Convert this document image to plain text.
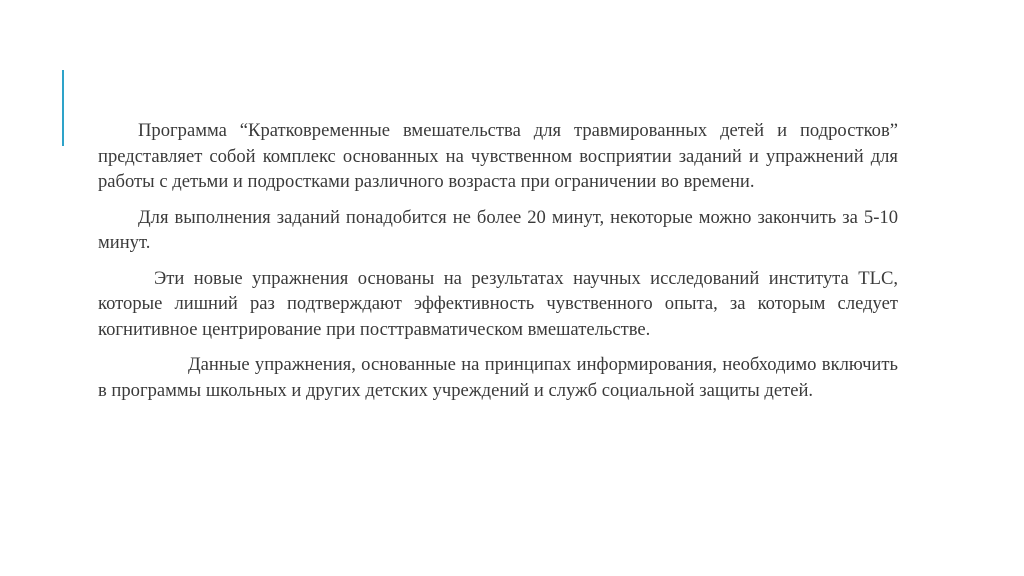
Программа “Кратковременные вмешательства для травмированных детей и подростков” представляет собой комплекс основанных на чувственном восприятии заданий и упражнений для работы с детьми и подростками различного возраста при ограничении во времени.

Для выполнения заданий понадобится не более 20 минут, некоторые можно закончить за 5-10 минут.

Эти новые упражнения основаны на результатах научных исследований института TLC, которые лишний раз подтверждают эффективность чувственного опыта, за которым следует когнитивное центрирование при посттравматическом вмешательстве.

Данные упражнения, основанные на принципах информирования, необходимо включить в программы школьных и других детских учреждений и служб социальной защиты детей.
